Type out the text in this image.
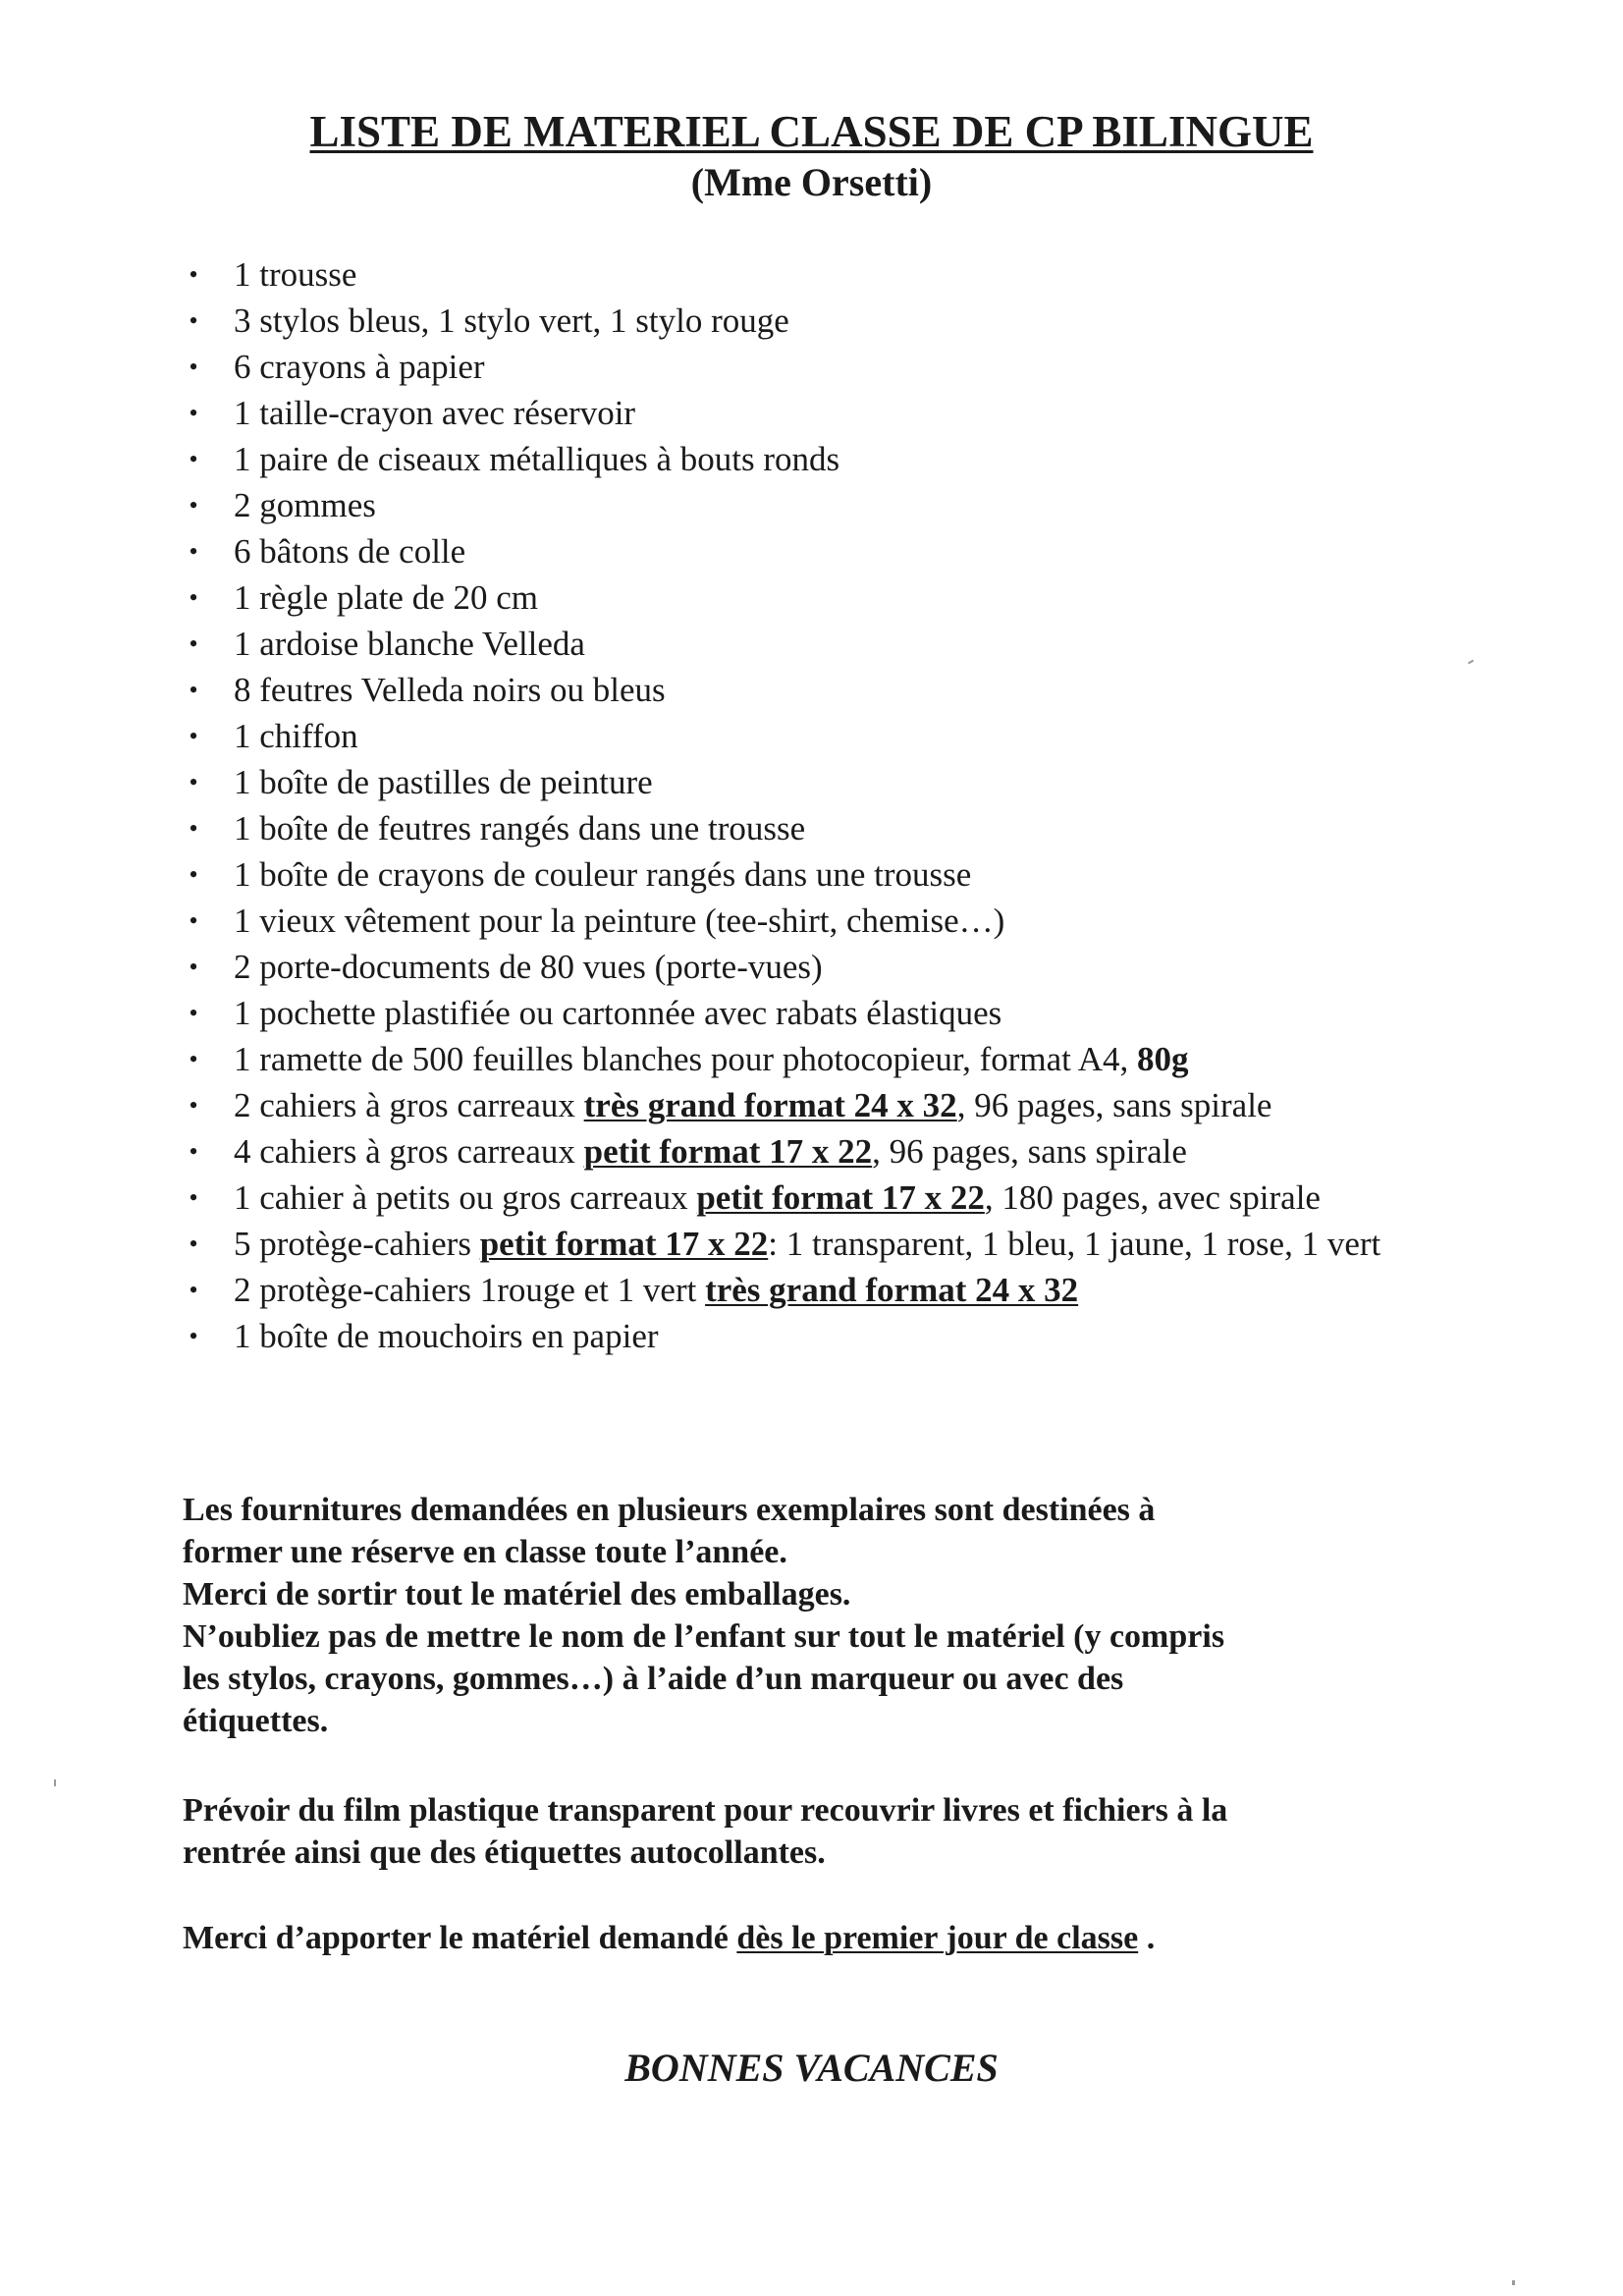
LISTE DE MATERIEL CLASSE DE CP BILINGUE
(Mme Orsetti)
• 1 trousse
• 3 stylos bleus, 1 stylo vert, 1 stylo rouge
• 6 crayons à papier
• 1 taille-crayon avec réservoir
• 1 paire de ciseaux métalliques à bouts ronds
• 2 gommes
• 6 bâtons de colle
• 1 règle plate de 20 cm
• 1 ardoise blanche Velleda
• 8 feutres Velleda noirs ou bleus
• 1 chiffon
• 1 boîte de pastilles de peinture
• 1 boîte de feutres rangés dans une trousse
• 1 boîte de crayons de couleur rangés dans une trousse
• 1 vieux vêtement pour la peinture (tee-shirt, chemise…)
• 2 porte-documents de 80 vues (porte-vues)
• 1 pochette plastifiée ou cartonnée avec rabats élastiques
• 1 ramette de 500 feuilles blanches pour photocopieur, format A4, 80g
• 2 cahiers à gros carreaux très grand format 24 x 32, 96 pages, sans spirale
• 4 cahiers à gros carreaux petit format 17 x 22, 96 pages, sans spirale
• 1 cahier à petits ou gros carreaux petit format 17 x 22, 180 pages, avec spirale
• 5 protège-cahiers petit format 17 x 22: 1 transparent, 1 bleu, 1 jaune, 1 rose, 1 vert
• 2 protège-cahiers 1rouge et 1 vert très grand format 24 x 32
• 1 boîte de mouchoirs en papier

Les fournitures demandées en plusieurs exemplaires sont destinées à

former une réserve en classe toute l’année.

Merci de sortir tout le matériel des emballages.

N’oubliez pas de mettre le nom de l’enfant sur tout le matériel (y compris

les stylos, crayons, gommes…) à l’aide d’un marqueur ou avec des

étiquettes.

Prévoir du film plastique transparent pour recouvrir livres et fichiers à la

rentrée ainsi que des étiquettes autocollantes.

Merci d’apporter le matériel demandé dès le premier jour de classe .
BONNES VACANCES
